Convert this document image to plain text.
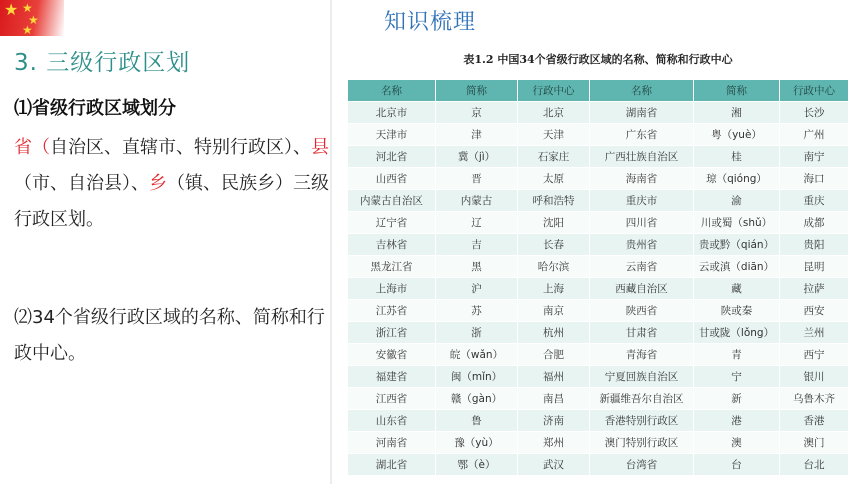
★ ★
★
★	知识梳理
3. 三级行政区划
⑴省级行政区域划分
省（自治区、直辖市、特别行政区）、县（市、自治县）、乡（镇、民族乡）三级行政区划。
⑵34个省级行政区域的名称、简称和行政中心。
表1.2 中国34个省级行政区域的名称、简称和行政中心
名称	简称	行政中心	名称	简称	行政中心
北京市	京	北京	湖南省	湘	长沙
天津市	津	天津	广东省	粤（yuè）	广州
河北省	冀（jì）	石家庄	广西壮族自治区	桂	南宁
山西省	晋	太原	海南省	琼（qióng）	海口
内蒙古自治区	内蒙古	呼和浩特	重庆市	渝	重庆
辽宁省	辽	沈阳	四川省	川或蜀（shǔ）	成都
吉林省	吉	长春	贵州省	贵或黔（qián）	贵阳
黑龙江省	黑	哈尔滨	云南省	云或滇（diān）	昆明
上海市	沪	上海	西藏自治区	藏	拉萨
江苏省	苏	南京	陕西省	陕或秦	西安
浙江省	浙	杭州	甘肃省	甘或陇（lǒng）	兰州
安徽省	皖（wǎn）	合肥	青海省	青	西宁
福建省	闽（mǐn）	福州	宁夏回族自治区	宁	银川
江西省	赣（gàn）	南昌	新疆维吾尔自治区	新	乌鲁木齐
山东省	鲁	济南	香港特别行政区	港	香港
河南省	豫（yù）	郑州	澳门特别行政区	澳	澳门
湖北省	鄂（è）	武汉	台湾省	台	台北
